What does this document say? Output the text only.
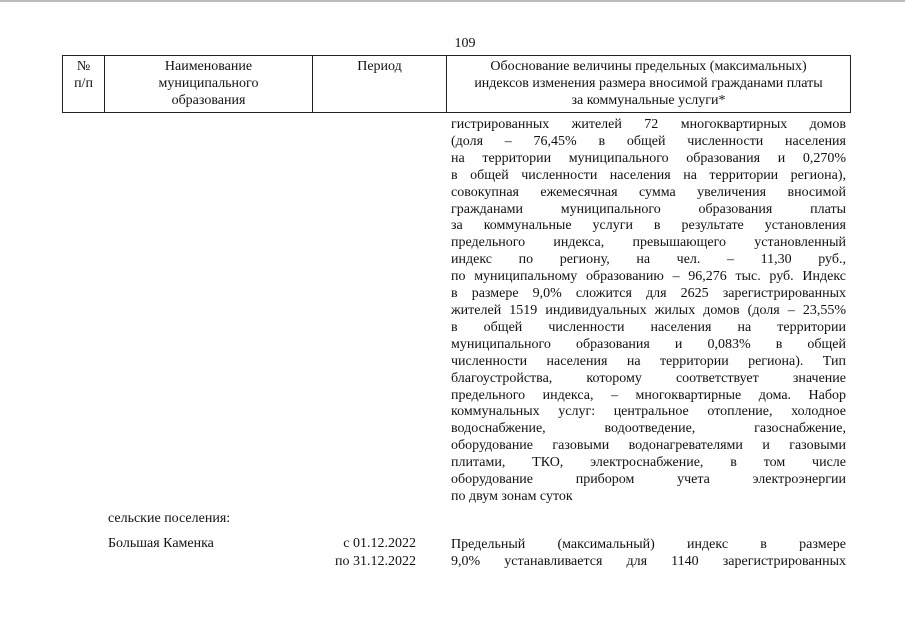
109
№
п/п
Наименование
муниципального
образования
Период	Обоснование величины предельных (максимальных)
индексов изменения размера вносимой гражданами платы
за коммунальные услуги*
гистрированных жителей 72 многоквартирных домов
(доля – 76,45% в общей численности населения
на территории муниципального образования и 0,270%
в общей численности населения на территории региона),
совокупная ежемесячная сумма увеличения вносимой
гражданами муниципального образования платы
за коммунальные услуги в результате установления
предельного индекса, превышающего установленный
индекс по региону, на чел. – 11,30 руб.,
по муниципальному образованию – 96,276 тыс. руб. Индекс
в размере 9,0% сложится для 2625 зарегистрированных
жителей 1519 индивидуальных жилых домов (доля – 23,55%
в общей численности населения на территории
муниципального образования и 0,083% в общей
численности населения на территории региона). Тип
благоустройства, которому соответствует значение
предельного индекса, – многоквартирные дома. Набор
коммунальных услуг: центральное отопление, холодное
водоснабжение, водоотведение, газоснабжение,
оборудование газовыми водонагревателями и газовыми
плитами, ТКО, электроснабжение, в том числе
оборудование прибором учета электроэнергии
по двум зонам суток
сельские поселения:
Большая Каменка	с 01.12.2022
по 31.12.2022
Предельный (максимальный) индекс в размере
9,0% устанавливается для 1140 зарегистрированных
